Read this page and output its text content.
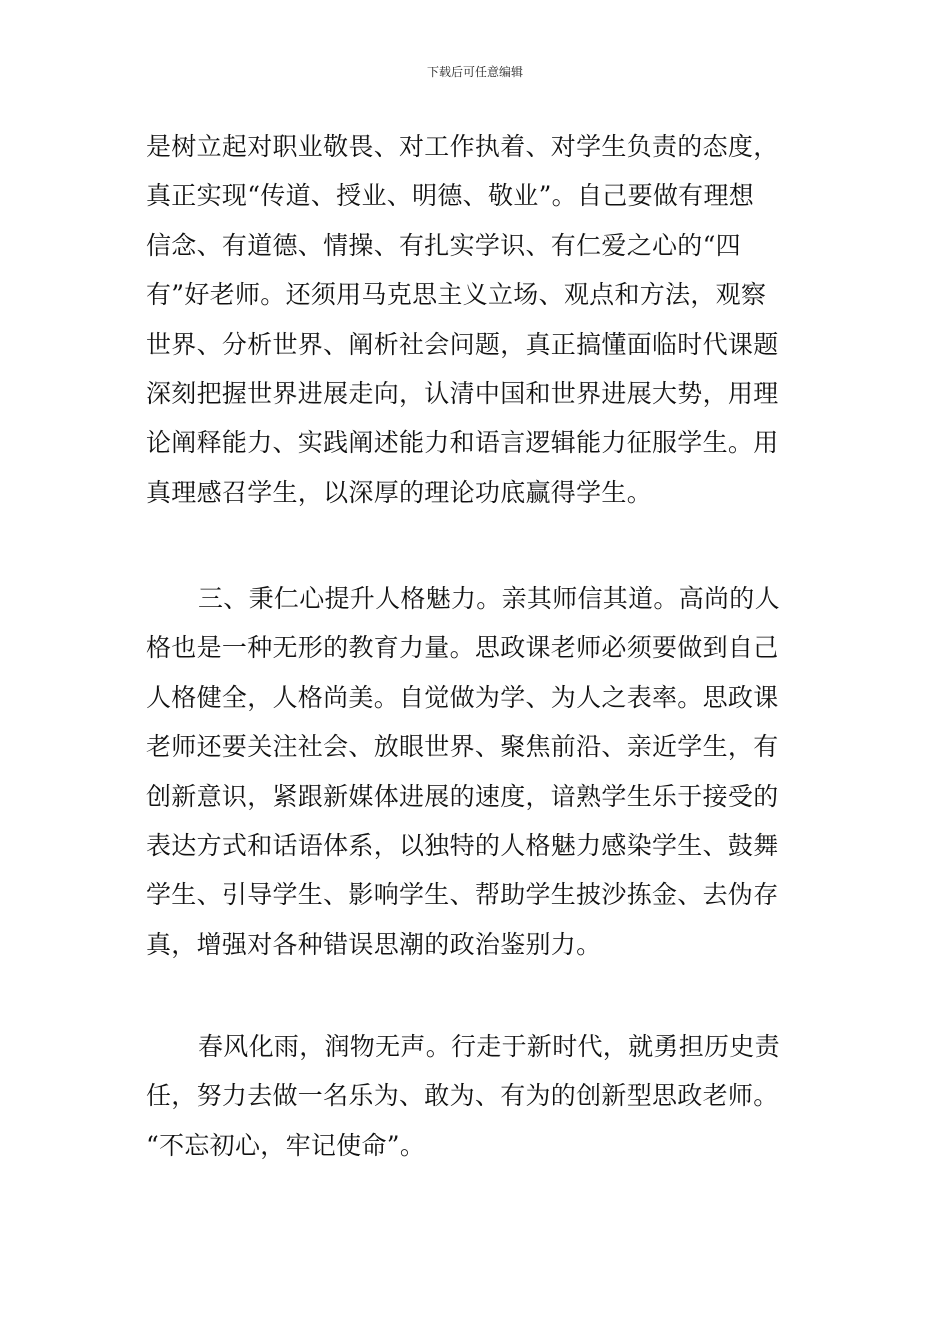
下载后可任意编辑

是树立起对职业敬畏、对工作执着、对学生负责的态度，
真正实现“传道、授业、明德、敬业”。自己要做有理想
信念、有道德、情操、有扎实学识、有仁爱之心的“四
有”好老师。还须用马克思主义立场、观点和方法，观察
世界、分析世界、阐析社会问题，真正搞懂面临时代课题
深刻把握世界进展走向，认清中国和世界进展大势，用理
论阐释能力、实践阐述能力和语言逻辑能力征服学生。用
真理感召学生，以深厚的理论功底赢得学生。

三、秉仁心提升人格魅力。亲其师信其道。高尚的人
格也是一种无形的教育力量。思政课老师必须要做到自己
人格健全，人格尚美。自觉做为学、为人之表率。思政课
老师还要关注社会、放眼世界、聚焦前沿、亲近学生，有
创新意识，紧跟新媒体进展的速度，谙熟学生乐于接受的
表达方式和话语体系，以独特的人格魅力感染学生、鼓舞
学生、引导学生、影响学生、帮助学生披沙拣金、去伪存
真，增强对各种错误思潮的政治鉴别力。

春风化雨，润物无声。行走于新时代，就勇担历史责
任，努力去做一名乐为、敢为、有为的创新型思政老师。
“不忘初心，牢记使命”。
